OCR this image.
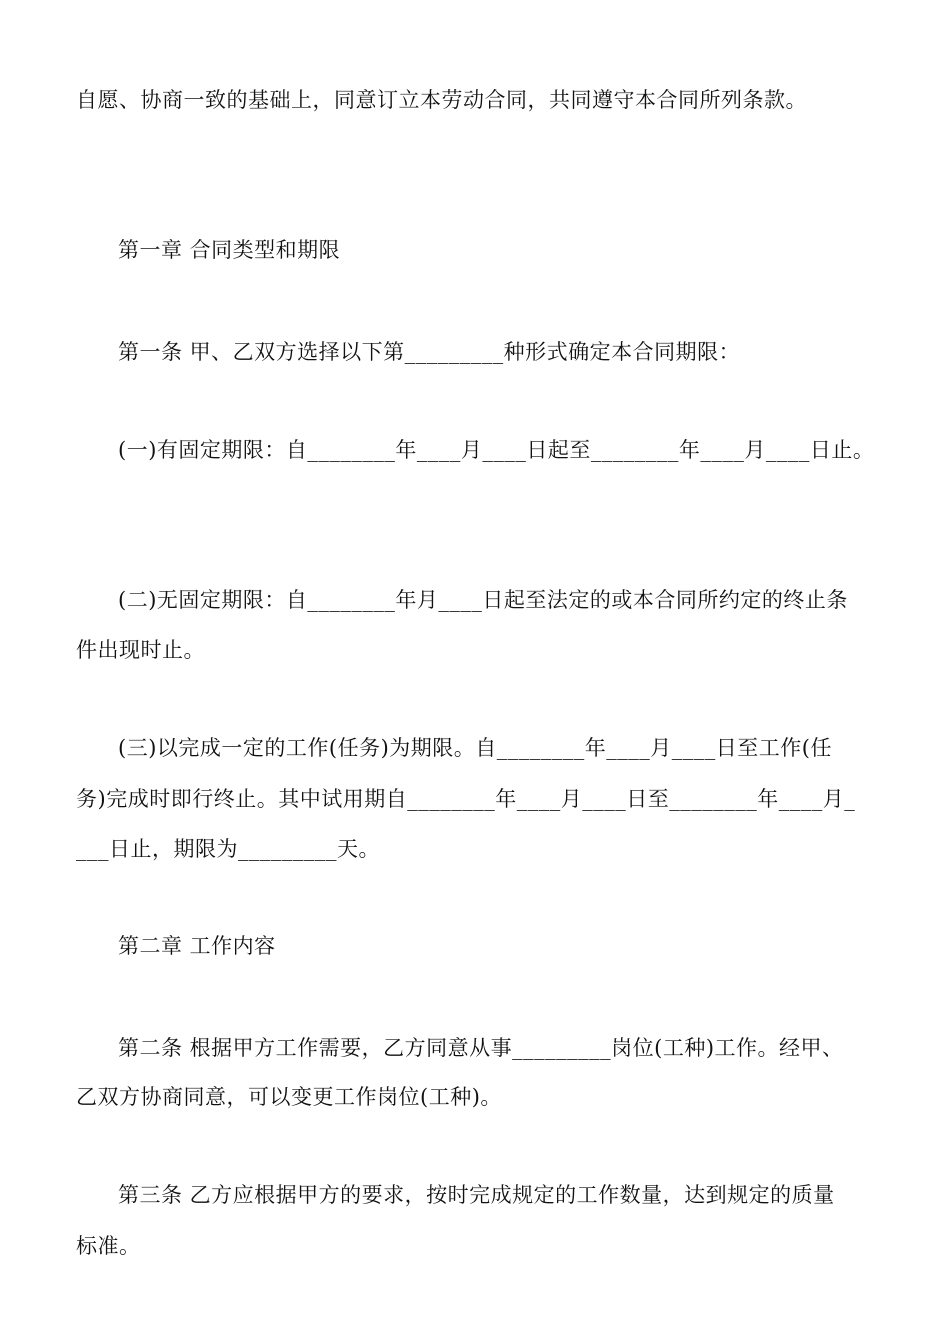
自愿、协商一致的基础上，同意订立本劳动合同，共同遵守本合同所列条款。
第一章 合同类型和期限
第一条 甲、乙双方选择以下第_________种形式确定本合同期限：
(一)有固定期限：自________年____月____日起至________年____月____日止。
(二)无固定期限：自________年月____日起至法定的或本合同所约定的终止条
件出现时止。
(三)以完成一定的工作(任务)为期限。自________年____月____日至工作(任
务)完成时即行终止。其中试用期自________年____月____日至________年____月_
___日止，期限为_________天。
第二章 工作内容
第二条 根据甲方工作需要，乙方同意从事_________岗位(工种)工作。经甲、
乙双方协商同意，可以变更工作岗位(工种)。
第三条 乙方应根据甲方的要求，按时完成规定的工作数量，达到规定的质量
标准。
